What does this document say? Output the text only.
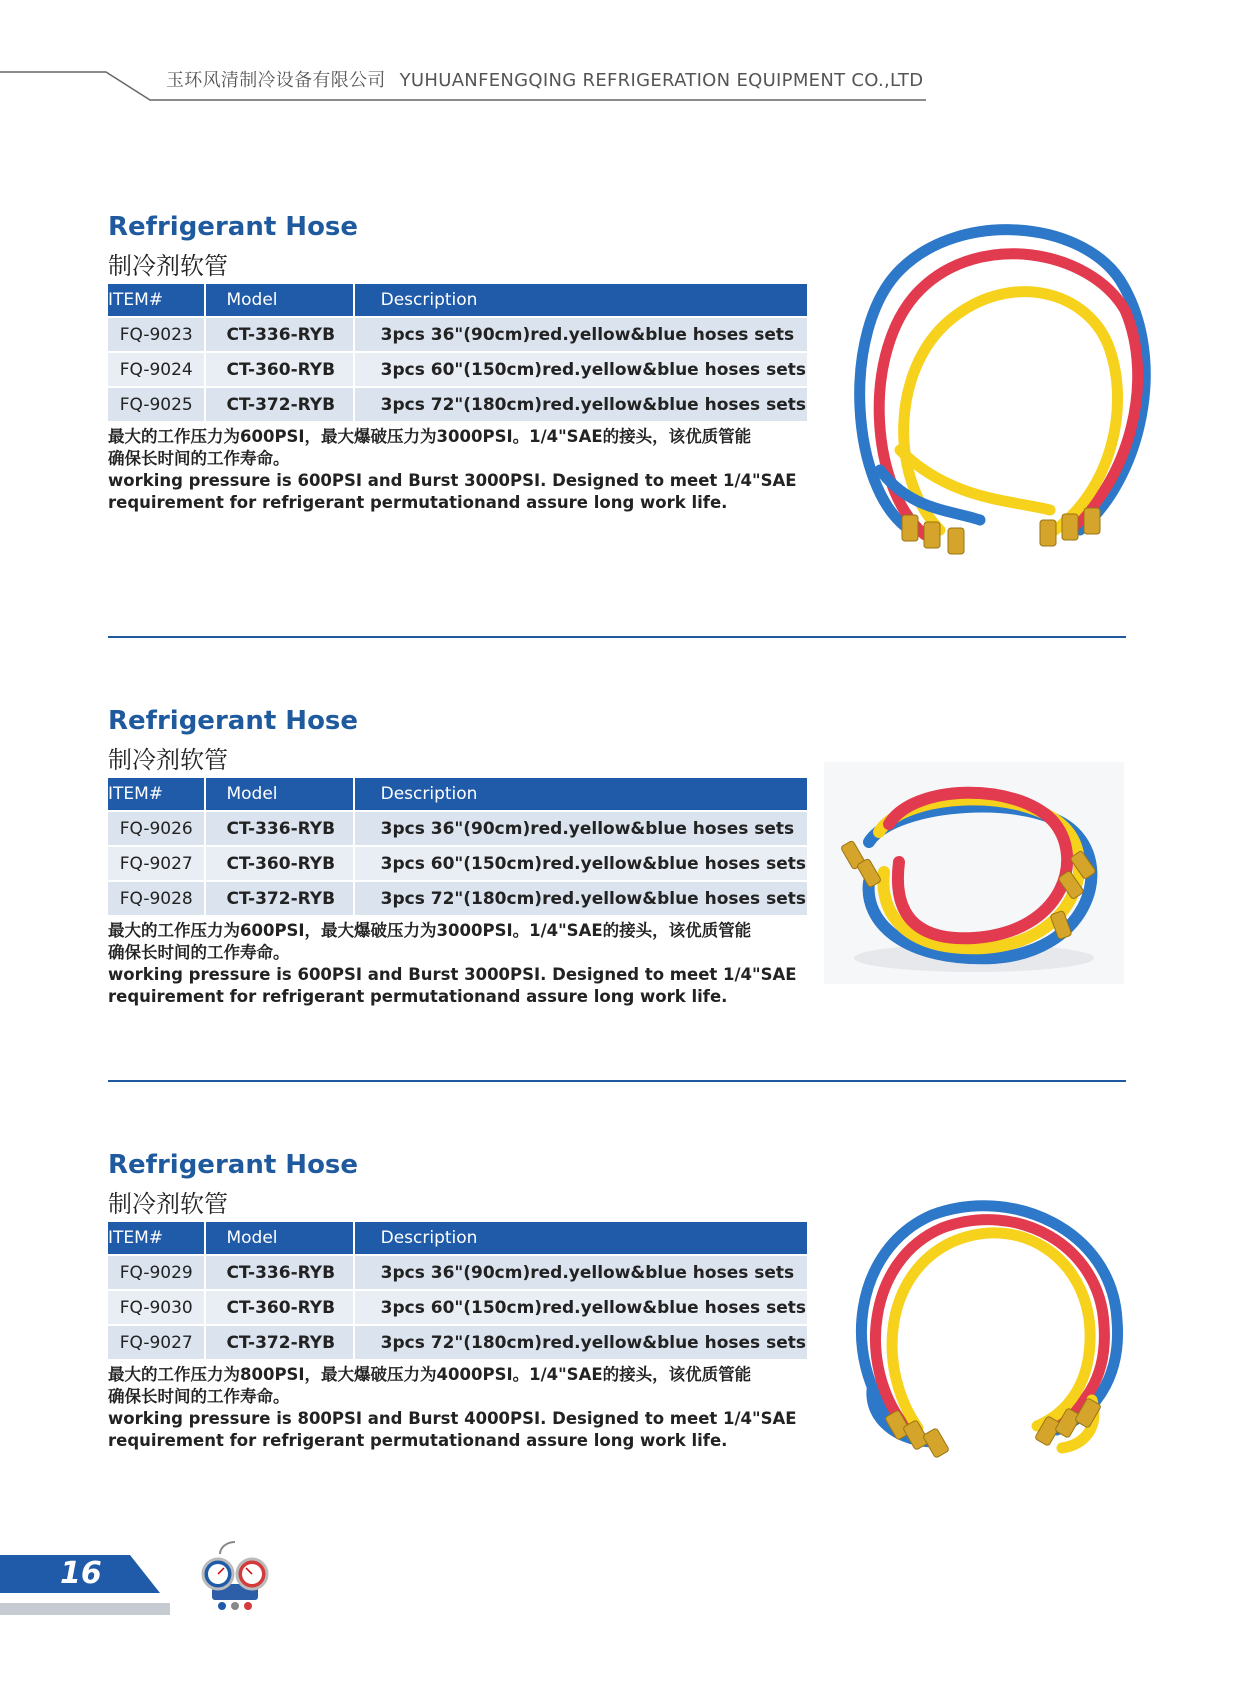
玉环风清制冷设备有限公司 YUHUANFENGQING REFRIGERATION EQUIPMENT CO.,LTD
Refrigerant Hose
制冷剂软管
ITEM#	Model	Description
FQ-9023	CT-336-RYB	3pcs 36"(90cm)red.yellow&blue hoses sets
FQ-9024	CT-360-RYB	3pcs 60"(150cm)red.yellow&blue hoses sets
FQ-9025	CT-372-RYB	3pcs 72"(180cm)red.yellow&blue hoses sets

最大的工作压力为600PSI，最大爆破压力为3000PSI。1/4"SAE的接头，该优质管能

确保长时间的工作寿命。

working pressure is 600PSI and Burst 3000PSI. Designed to meet 1/4"SAE

requirement for refrigerant permutationand assure long work life.

Refrigerant Hose
制冷剂软管
ITEM#	Model	Description
FQ-9026	CT-336-RYB	3pcs 36"(90cm)red.yellow&blue hoses sets
FQ-9027	CT-360-RYB	3pcs 60"(150cm)red.yellow&blue hoses sets
FQ-9028	CT-372-RYB	3pcs 72"(180cm)red.yellow&blue hoses sets

最大的工作压力为600PSI，最大爆破压力为3000PSI。1/4"SAE的接头，该优质管能

确保长时间的工作寿命。

working pressure is 600PSI and Burst 3000PSI. Designed to meet 1/4"SAE

requirement for refrigerant permutationand assure long work life.

Refrigerant Hose
制冷剂软管
ITEM#	Model	Description
FQ-9029	CT-336-RYB	3pcs 36"(90cm)red.yellow&blue hoses sets
FQ-9030	CT-360-RYB	3pcs 60"(150cm)red.yellow&blue hoses sets
FQ-9027	CT-372-RYB	3pcs 72"(180cm)red.yellow&blue hoses sets

最大的工作压力为800PSI，最大爆破压力为4000PSI。1/4"SAE的接头，该优质管能

确保长时间的工作寿命。

working pressure is 800PSI and Burst 4000PSI. Designed to meet 1/4"SAE

requirement for refrigerant permutationand assure long work life.

16
